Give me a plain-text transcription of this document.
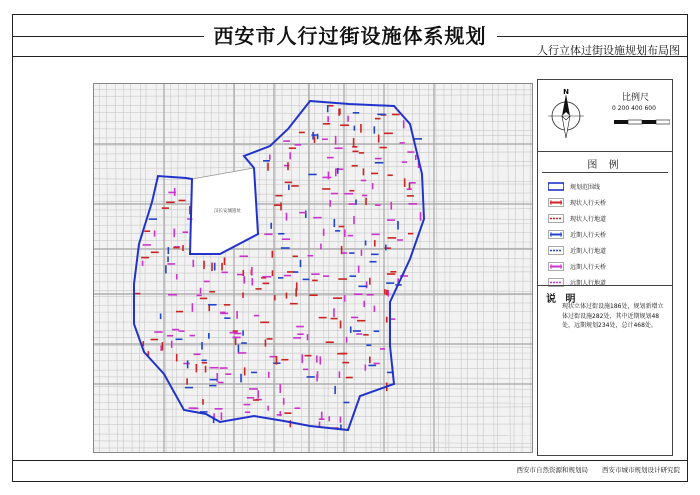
西安市人行过街设施体系规划
人行立体过街设施规划布局图
汉长安城遗址
N
比例尺
0 200 400 600
图 例
规划范围线
现状人行天桥
现状人行地道
近期人行天桥
近期人行地道
远期人行天桥
远期人行地道
说 明
现状立体过街设施186处，规划新增立体过街设施282处，其中近期规划48处，远期规划234处，总计468处。
西安市自然资源和规划局 西安市城市规划设计研究院
